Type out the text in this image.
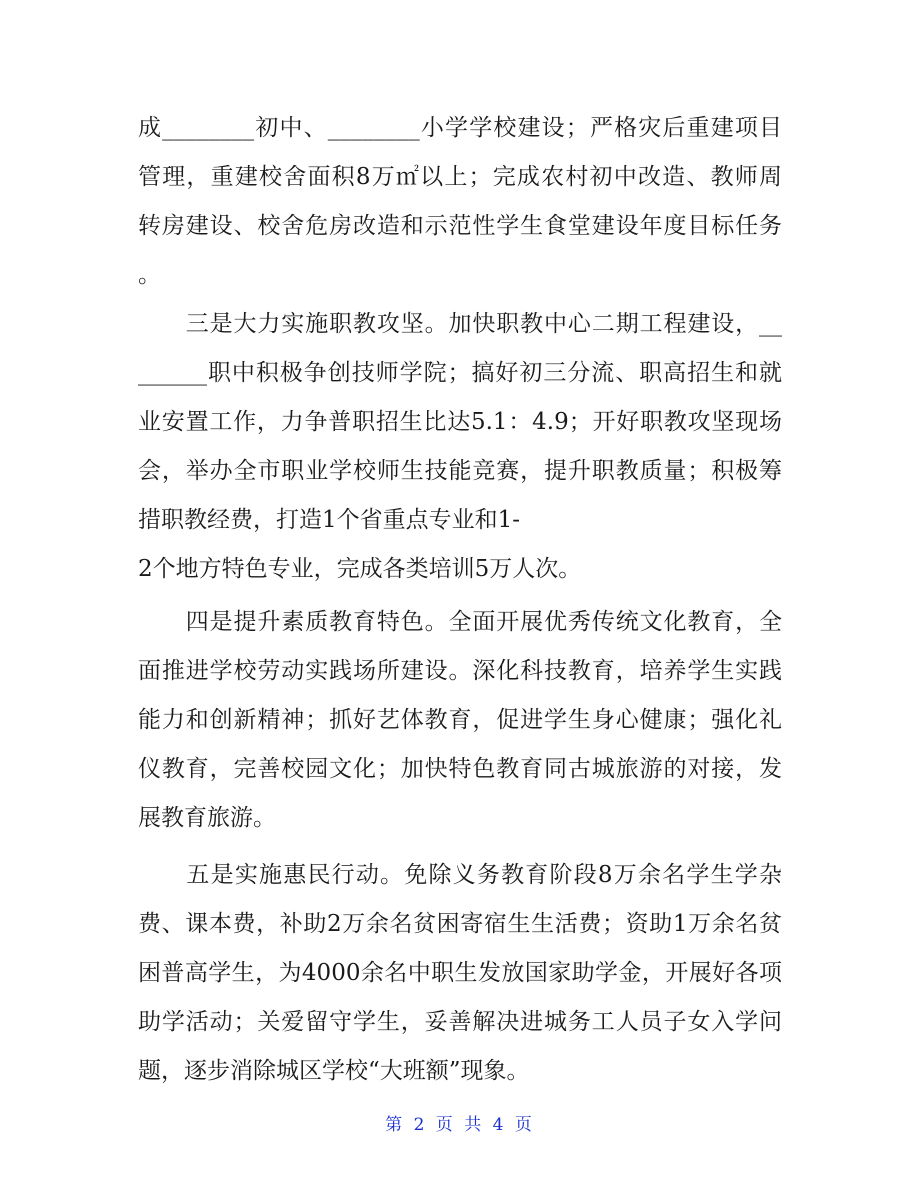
成________初中、________小学学校建设；严格灾后重建项目
管理，重建校舍面积8万㎡以上；完成农村初中改造、教师周
转房建设、校舍危房改造和示范性学生食堂建设年度目标任务
。
　　三是大力实施职教攻坚。加快职教中心二期工程建设，__
______职中积极争创技师学院；搞好初三分流、职高招生和就
业安置工作，力争普职招生比达5.1：4.9；开好职教攻坚现场
会，举办全市职业学校师生技能竞赛，提升职教质量；积极筹
措职教经费，打造1个省重点专业和1-
2个地方特色专业，完成各类培训5万人次。
　　四是提升素质教育特色。全面开展优秀传统文化教育，全
面推进学校劳动实践场所建设。深化科技教育，培养学生实践
能力和创新精神；抓好艺体教育，促进学生身心健康；强化礼
仪教育，完善校园文化；加快特色教育同古城旅游的对接，发
展教育旅游。
　　五是实施惠民行动。免除义务教育阶段8万余名学生学杂
费、课本费，补助2万余名贫困寄宿生生活费；资助1万余名贫
困普高学生，为4000余名中职生发放国家助学金，开展好各项
助学活动；关爱留守学生，妥善解决进城务工人员子女入学问
题，逐步消除城区学校“大班额”现象。
第 2 页 共 4 页
